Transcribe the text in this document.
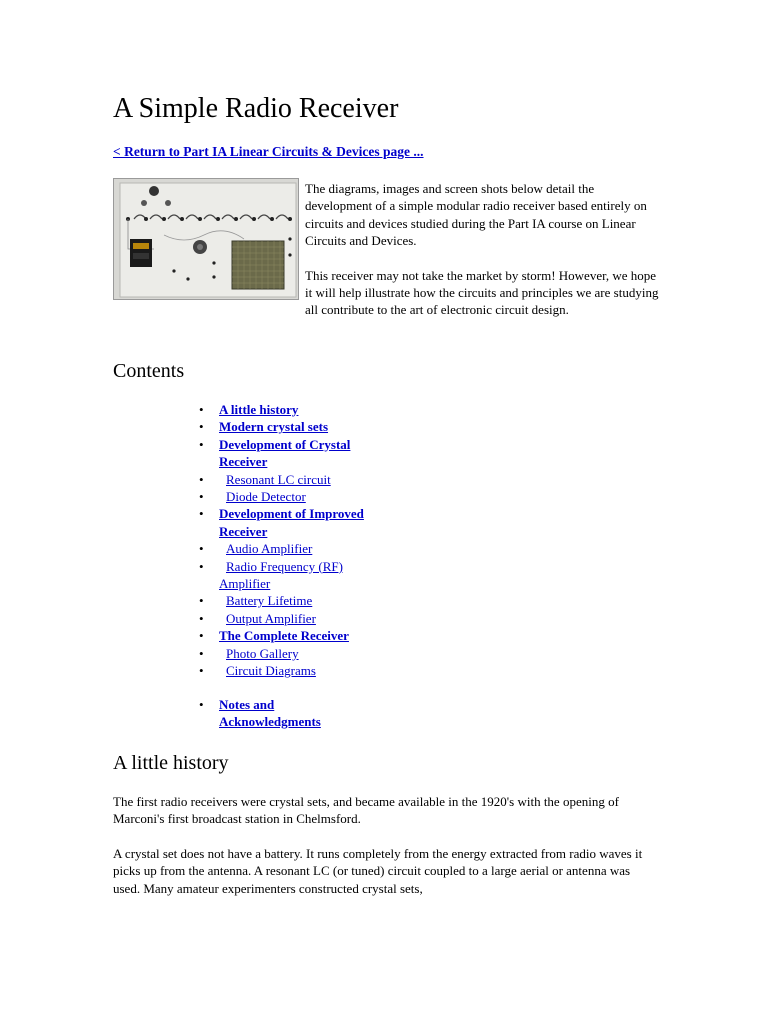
A Simple Radio Receiver
< Return to Part IA Linear Circuits & Devices page ...

The diagrams, images and screen shots below detail the development of a simple modular radio receiver based entirely on circuits and devices studied during the Part IA course on Linear Circuits and Devices.

This receiver may not take the market by storm! However, we hope it will help illustrate how the circuits and principles we are studying all contribute to the art of electronic circuit design.

Contents
• A little history
• Modern crystal sets
• Development of Crystal Receiver
• Resonant LC circuit
• Diode Detector
• Development of Improved Receiver
• Audio Amplifier
• Radio Frequency (RF) Amplifier
• Battery Lifetime
• Output Amplifier
• The Complete Receiver
• Photo Gallery
• Circuit Diagrams
• Notes and Acknowledgments
A little history

The first radio receivers were crystal sets, and became available in the 1920's with the opening of Marconi's first broadcast station in Chelmsford.

A crystal set does not have a battery. It runs completely from the energy extracted from radio waves it picks up from the antenna. A resonant LC (or tuned) circuit coupled to a large aerial or antenna was used. Many amateur experimenters constructed crystal sets,
